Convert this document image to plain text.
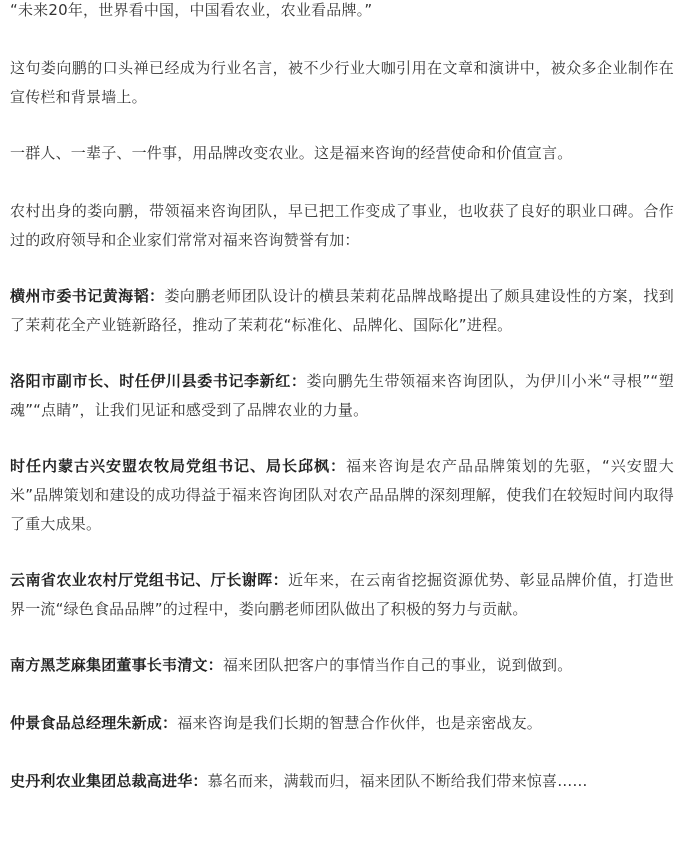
“未来20年，世界看中国，中国看农业，农业看品牌。”

这句娄向鹏的口头禅已经成为行业名言，被不少行业大咖引用在文章和演讲中，被众多企业制作在宣传栏和背景墙上。

一群人、一辈子、一件事，用品牌改变农业。这是福来咨询的经营使命和价值宣言。

农村出身的娄向鹏，带领福来咨询团队，早已把工作变成了事业，也收获了良好的职业口碑。合作过的政府领导和企业家们常常对福来咨询赞誉有加：

横州市委书记黄海韬：娄向鹏老师团队设计的横县茉莉花品牌战略提出了颇具建设性的方案，找到了茉莉花全产业链新路径，推动了茉莉花“标准化、品牌化、国际化”进程。

洛阳市副市长、时任伊川县委书记李新红：娄向鹏先生带领福来咨询团队，为伊川小米“寻根”“塑魂”“点睛”，让我们见证和感受到了品牌农业的力量。

时任内蒙古兴安盟农牧局党组书记、局长邱枫：福来咨询是农产品品牌策划的先驱，“兴安盟大米”品牌策划和建设的成功得益于福来咨询团队对农产品品牌的深刻理解，使我们在较短时间内取得了重大成果。

云南省农业农村厅党组书记、厅长谢晖：近年来，在云南省挖掘资源优势、彰显品牌价值，打造世界一流“绿色食品品牌”的过程中，娄向鹏老师团队做出了积极的努力与贡献。

南方黑芝麻集团董事长韦清文：福来团队把客户的事情当作自己的事业，说到做到。

仲景食品总经理朱新成：福来咨询是我们长期的智慧合作伙伴，也是亲密战友。

史丹利农业集团总裁高进华：慕名而来，满载而归，福来团队不断给我们带来惊喜……
